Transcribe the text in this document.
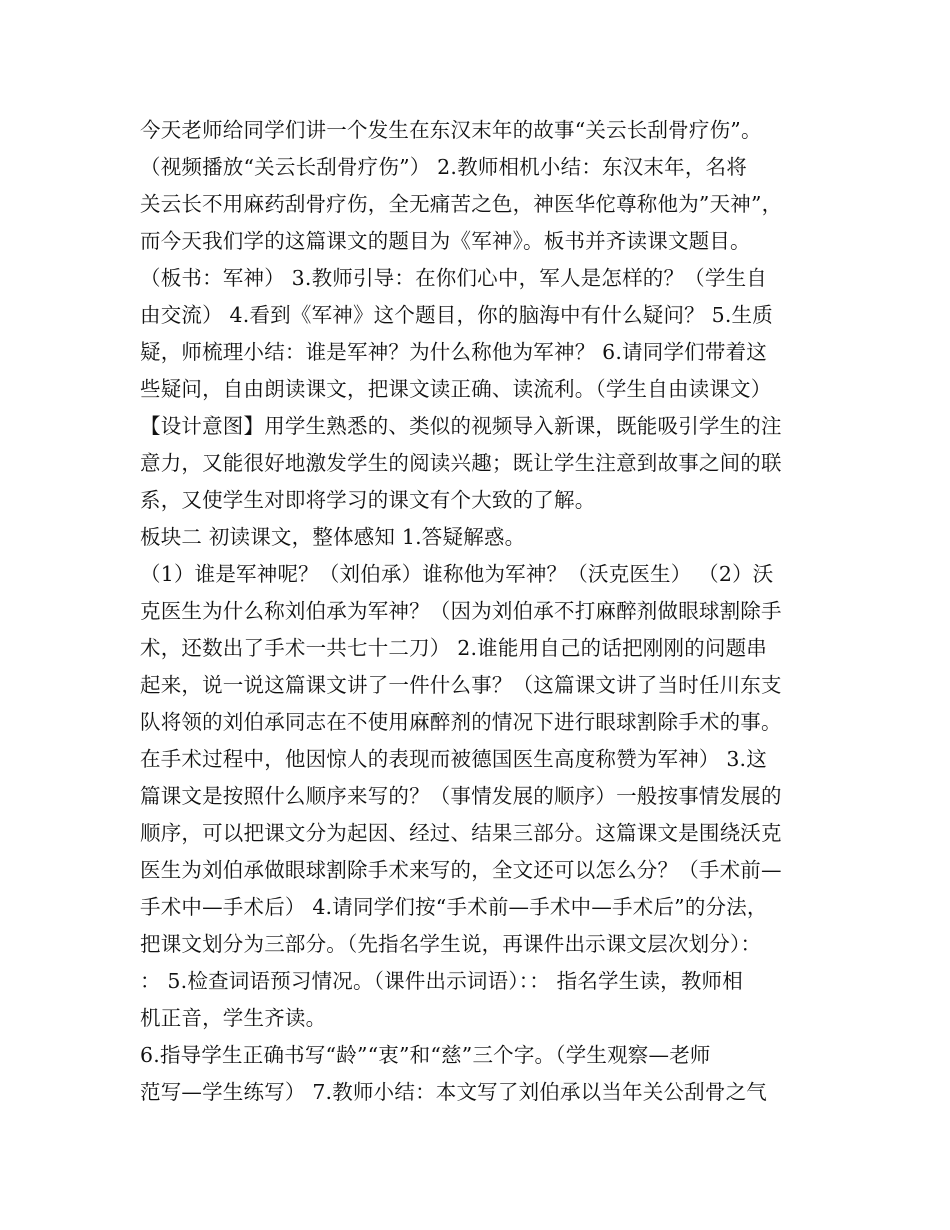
今天老师给同学们讲一个发生在东汉末年的故事“关云长刮骨疗伤”。
（视频播放“关云长刮骨疗伤”） 2.教师相机小结：东汉末年，名将
关云长不用麻药刮骨疗伤，全无痛苦之色，神医华佗尊称他为”天神”，
而今天我们学的这篇课文的题目为《军神》。板书并齐读课文题目。
（板书：军神） 3.教师引导：在你们心中，军人是怎样的？（学生自
由交流） 4.看到《军神》这个题目，你的脑海中有什么疑问？ 5.生质
疑，师梳理小结：谁是军神？为什么称他为军神？ 6.请同学们带着这
些疑问，自由朗读课文，把课文读正确、读流利。（学生自由读课文）
【设计意图】用学生熟悉的、类似的视频导入新课，既能吸引学生的注
意力，又能很好地激发学生的阅读兴趣；既让学生注意到故事之间的联
系，又使学生对即将学习的课文有个大致的了解。
板块二 初读课文，整体感知 1.答疑解惑。
（1）谁是军神呢？（刘伯承）谁称他为军神？（沃克医生） （2）沃
克医生为什么称刘伯承为军神？（因为刘伯承不打麻醉剂做眼球割除手
术，还数出了手术一共七十二刀） 2.谁能用自己的话把刚刚的问题串
起来，说一说这篇课文讲了一件什么事？（这篇课文讲了当时任川东支
队将领的刘伯承同志在不使用麻醉剂的情况下进行眼球割除手术的事。
在手术过程中，他因惊人的表现而被德国医生高度称赞为军神） 3.这
篇课文是按照什么顺序来写的？（事情发展的顺序）一般按事情发展的
顺序，可以把课文分为起因、经过、结果三部分。这篇课文是围绕沃克
医生为刘伯承做眼球割除手术来写的，全文还可以怎么分？（手术前—
手术中—手术后） 4.请同学们按“手术前—手术中—手术后”的分法，
把课文划分为三部分。（先指名学生说，再课件出示课文层次划分）：
： 5.检查词语预习情况。（课件出示词语）：： 指名学生读，教师相
机正音，学生齐读。
6.指导学生正确书写“龄”“衷”和“慈”三个字。（学生观察—老师
范写—学生练写） 7.教师小结：本文写了刘伯承以当年关公刮骨之气
